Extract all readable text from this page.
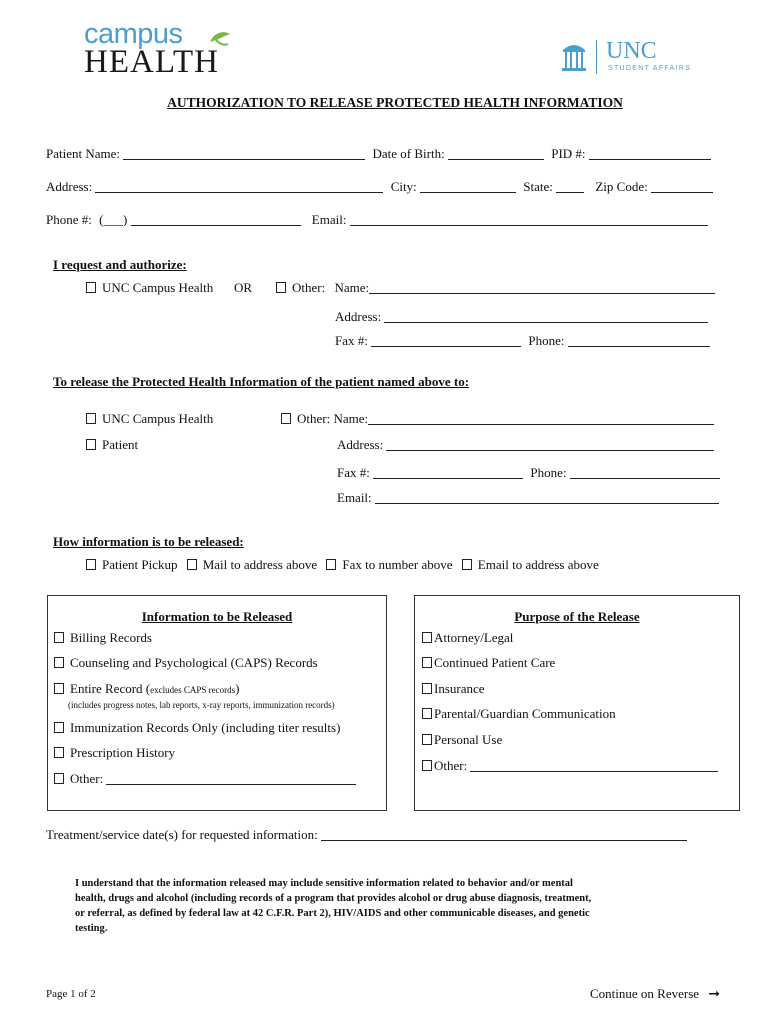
campus
HEALTH	UNC
STUDENT AFFAIRS
AUTHORIZATION TO RELEASE PROTECTED HEALTH INFORMATION
Patient Name:	Date of Birth:	PID #:
Address:	City:	State:	Zip Code:
Phone #: (___)	Email:
I request and authorize:
UNC Campus Health OR	Other: Name:
Address:
Fax #:	Phone:
To release the Protected Health Information of the patient named above to:
UNC Campus Health	Other: Name:
Patient	Address:
Fax #:	Phone:
Email:
How information is to be released:
Patient Pickup Mail to address above Fax to number above Email to address above
Information to be Released
Billing Records
Counseling and Psychological (CAPS) Records
Entire Record (excludes CAPS records)
(includes progress notes, lab reports, x-ray reports, immunization records)
Immunization Records Only (including titer results)
Prescription History
Other:
Purpose of the Release
Attorney/Legal
Continued Patient Care
Insurance
Parental/Guardian Communication
Personal Use
Other:
Treatment/service date(s) for requested information:
I understand that the information released may include sensitive information related to behavior and/or mental
health, drugs and alcohol (including records of a program that provides alcohol or drug abuse diagnosis, treatment,
or referral, as defined by federal law at 42 C.F.R. Part 2), HIV/AIDS and other communicable diseases, and genetic
testing.
Page 1 of 2	Continue on Reverse ➞
